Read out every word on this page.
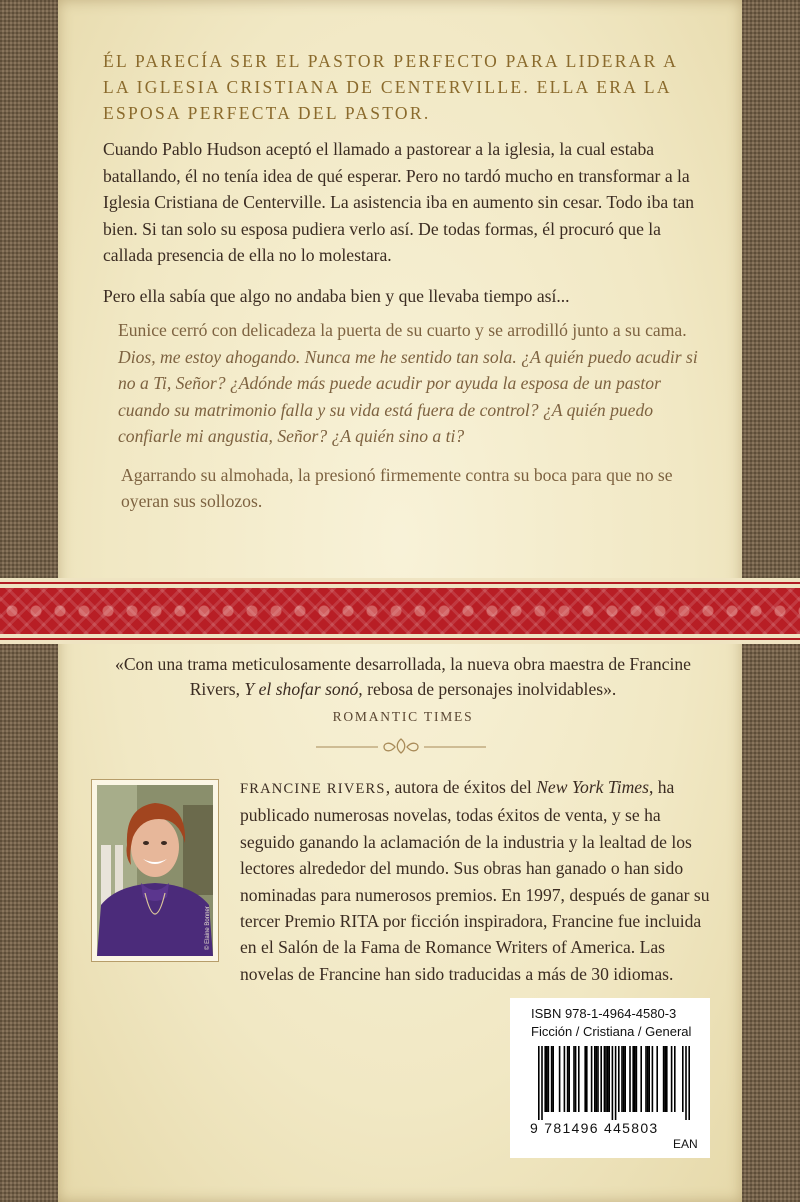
ÉL PARECÍA SER EL PASTOR PERFECTO PARA LIDERAR A LA IGLESIA CRISTIANA DE CENTERVILLE. ELLA ERA LA ESPOSA PERFECTA DEL PASTOR.

Cuando Pablo Hudson aceptó el llamado a pastorear a la iglesia, la cual estaba batallando, él no tenía idea de qué esperar. Pero no tardó mucho en transformar a la Iglesia Cristiana de Centerville. La asistencia iba en aumento sin cesar. Todo iba tan bien. Si tan solo su esposa pudiera verlo así. De todas formas, él procuró que la callada presencia de ella no lo molestara.

Pero ella sabía que algo no andaba bien y que llevaba tiempo así...

Eunice cerró con delicadeza la puerta de su cuarto y se arrodilló junto a su cama. Dios, me estoy ahogando. Nunca me he sentido tan sola. ¿A quién puedo acudir si no a Ti, Señor? ¿Adónde más puede acudir por ayuda la esposa de un pastor cuando su matrimonio falla y su vida está fuera de control? ¿A quién puedo confiarle mi angustia, Señor? ¿A quién sino a ti?

Agarrando su almohada, la presionó firmemente contra su boca para que no se oyeran sus sollozos.

«Con una trama meticulosamente desarrollada, la nueva obra maestra de Francine Rivers, Y el shofar sonó, rebosa de personajes inolvidables».
ROMANTIC TIMES
© Elaine Bonner
FRANCINE RIVERS, autora de éxitos del New York Times, ha publicado numerosas novelas, todas éxitos de venta, y se ha seguido ganando la aclamación de la industria y la lealtad de los lectores alrededor del mundo. Sus obras han ganado o han sido nominadas para numerosos premios. En 1997, después de ganar su tercer Premio RITA por ficción inspiradora, Francine fue incluida en el Salón de la Fama de Romance Writers of America. Las novelas de Francine han sido traducidas a más de 30 idiomas.
ISBN 978-1-4964-4580-3
Ficción / Cristiana / General
9 781496 445803
EAN
